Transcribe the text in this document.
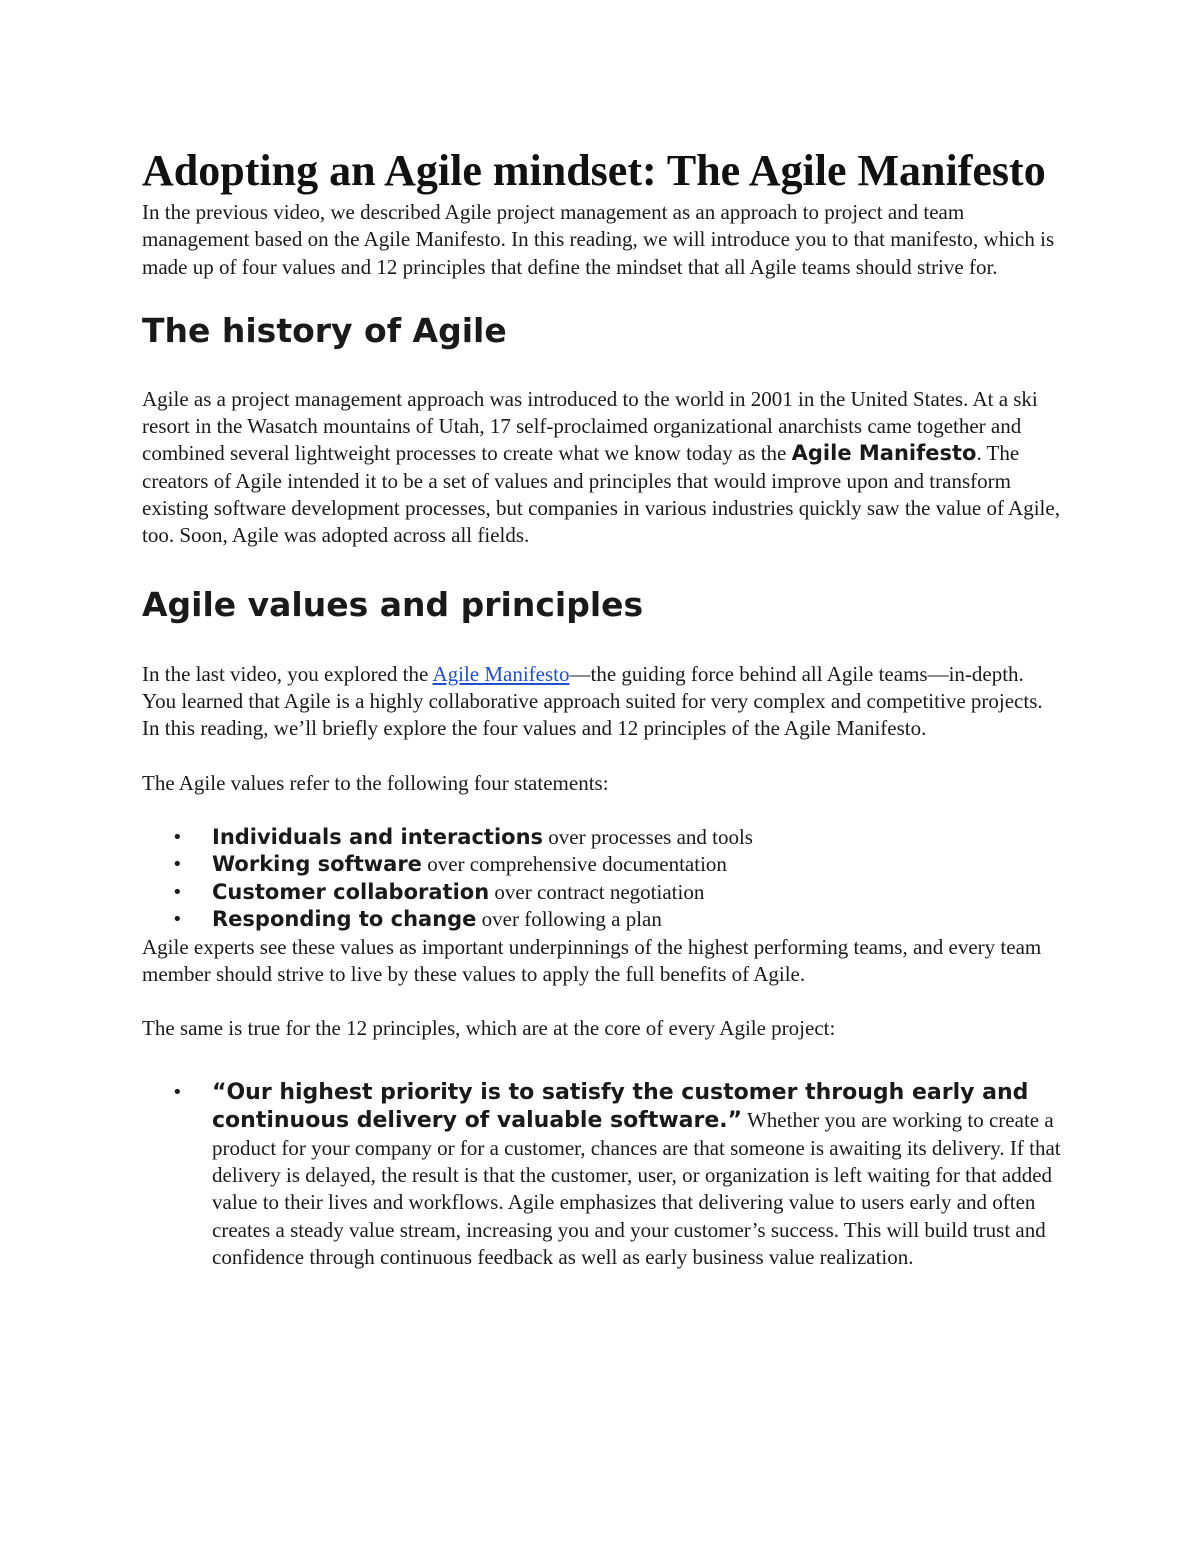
Adopting an Agile mindset: The Agile Manifesto

In the previous video, we described Agile project management as an approach to project and team management based on the Agile Manifesto. In this reading, we will introduce you to that manifesto, which is made up of four values and 12 principles that define the mindset that all Agile teams should strive for.

The history of Agile

Agile as a project management approach was introduced to the world in 2001 in the United States. At a ski resort in the Wasatch mountains of Utah, 17 self-proclaimed organizational anarchists came together and combined several lightweight processes to create what we know today as the Agile Manifesto. The creators of Agile intended it to be a set of values and principles that would improve upon and transform existing software development processes, but companies in various industries quickly saw the value of Agile, too. Soon, Agile was adopted across all fields.

Agile values and principles

In the last video, you explored the Agile Manifesto—the guiding force behind all Agile teams—in-depth. You learned that Agile is a highly collaborative approach suited for very complex and competitive projects. In this reading, we’ll briefly explore the four values and 12 principles of the Agile Manifesto.

The Agile values refer to the following four statements:

• Individuals and interactions over processes and tools
• Working software over comprehensive documentation
• Customer collaboration over contract negotiation
• Responding to change over following a plan

Agile experts see these values as important underpinnings of the highest performing teams, and every team member should strive to live by these values to apply the full benefits of Agile.

The same is true for the 12 principles, which are at the core of every Agile project:

• “Our highest priority is to satisfy the customer through early and continuous delivery of valuable software.” Whether you are working to create a product for your company or for a customer, chances are that someone is awaiting its delivery. If that delivery is delayed, the result is that the customer, user, or organization is left waiting for that added value to their lives and workflows. Agile emphasizes that delivering value to users early and often creates a steady value stream, increasing you and your customer’s success. This will build trust and confidence through continuous feedback as well as early business value realization.
